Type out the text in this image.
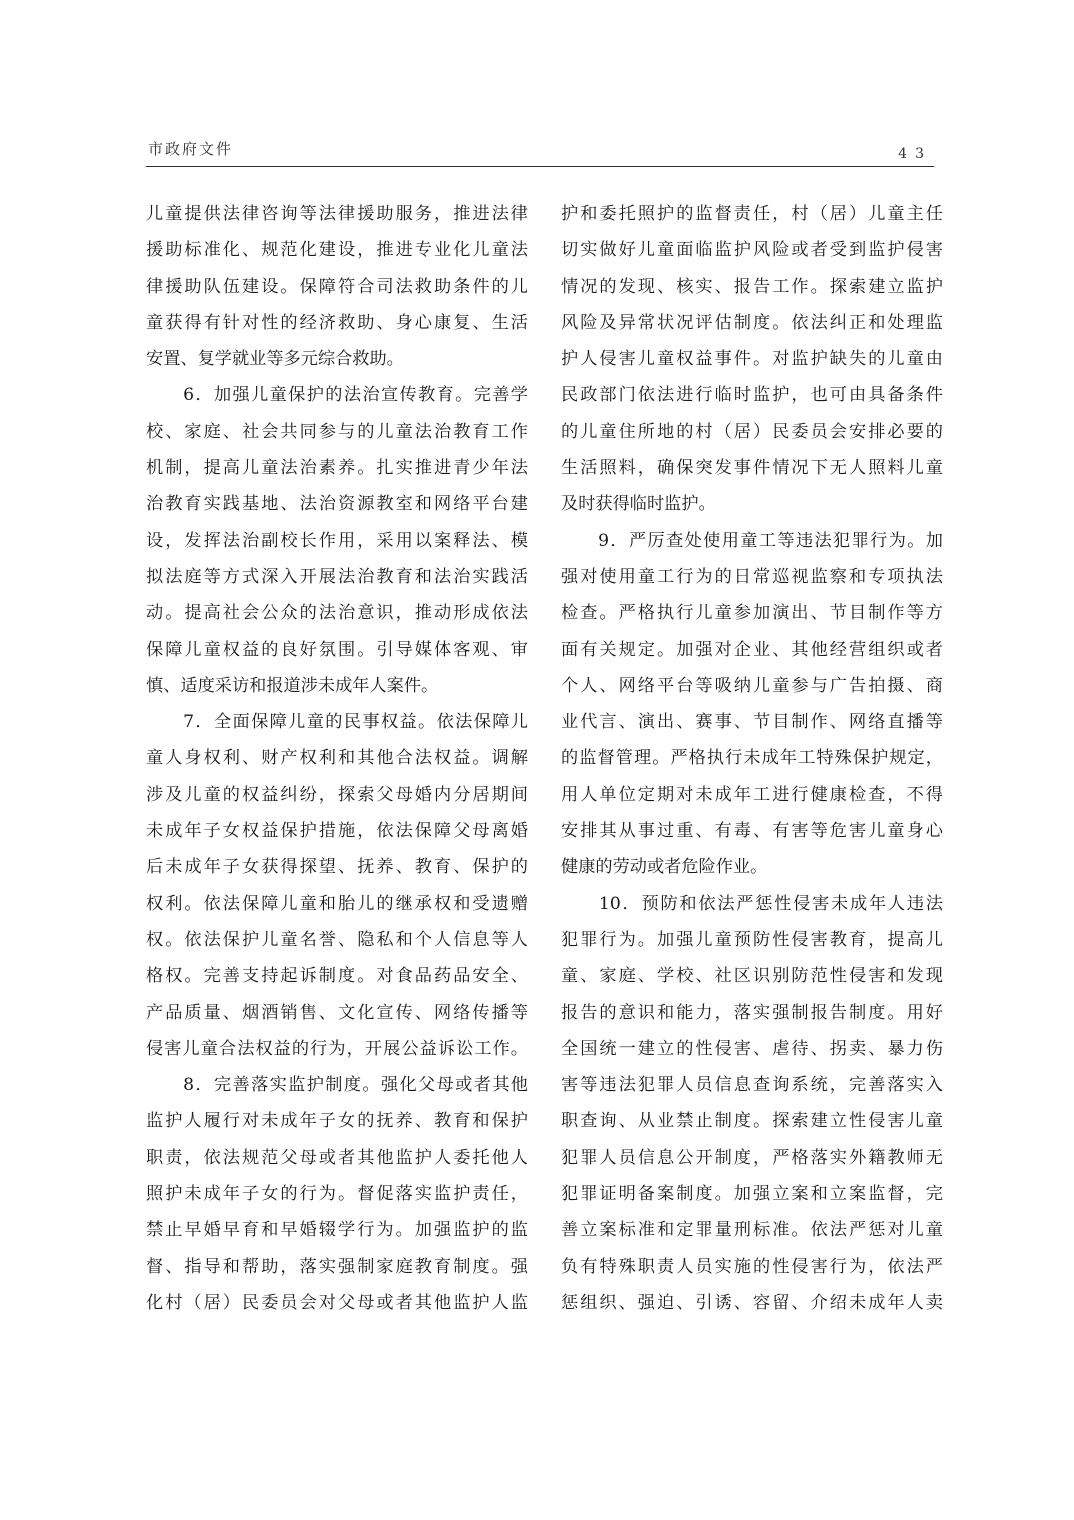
市政府文件	43
儿童提供法律咨询等法律援助服务，推进法律
援助标准化、规范化建设，推进专业化儿童法
律援助队伍建设。保障符合司法救助条件的儿
童获得有针对性的经济救助、身心康复、生活
安置、复学就业等多元综合救助。
　　6．加强儿童保护的法治宣传教育。完善学
校、家庭、社会共同参与的儿童法治教育工作
机制，提高儿童法治素养。扎实推进青少年法
治教育实践基地、法治资源教室和网络平台建
设，发挥法治副校长作用，采用以案释法、模
拟法庭等方式深入开展法治教育和法治实践活
动。提高社会公众的法治意识，推动形成依法
保障儿童权益的良好氛围。引导媒体客观、审
慎、适度采访和报道涉未成年人案件。
　　7．全面保障儿童的民事权益。依法保障儿
童人身权利、财产权利和其他合法权益。调解
涉及儿童的权益纠纷，探索父母婚内分居期间
未成年子女权益保护措施，依法保障父母离婚
后未成年子女获得探望、抚养、教育、保护的
权利。依法保障儿童和胎儿的继承权和受遗赠
权。依法保护儿童名誉、隐私和个人信息等人
格权。完善支持起诉制度。对食品药品安全、
产品质量、烟酒销售、文化宣传、网络传播等
侵害儿童合法权益的行为，开展公益诉讼工作。
　　8．完善落实监护制度。强化父母或者其他
监护人履行对未成年子女的抚养、教育和保护
职责，依法规范父母或者其他监护人委托他人
照护未成年子女的行为。督促落实监护责任，
禁止早婚早育和早婚辍学行为。加强监护的监
督、指导和帮助，落实强制家庭教育制度。强
化村（居）民委员会对父母或者其他监护人监
护和委托照护的监督责任，村（居）儿童主任
切实做好儿童面临监护风险或者受到监护侵害
情况的发现、核实、报告工作。探索建立监护
风险及异常状况评估制度。依法纠正和处理监
护人侵害儿童权益事件。对监护缺失的儿童由
民政部门依法进行临时监护，也可由具备条件
的儿童住所地的村（居）民委员会安排必要的
生活照料，确保突发事件情况下无人照料儿童
及时获得临时监护。
　　9．严厉查处使用童工等违法犯罪行为。加
强对使用童工行为的日常巡视监察和专项执法
检查。严格执行儿童参加演出、节目制作等方
面有关规定。加强对企业、其他经营组织或者
个人、网络平台等吸纳儿童参与广告拍摄、商
业代言、演出、赛事、节目制作、网络直播等
的监督管理。严格执行未成年工特殊保护规定，
用人单位定期对未成年工进行健康检查，不得
安排其从事过重、有毒、有害等危害儿童身心
健康的劳动或者危险作业。
　　10．预防和依法严惩性侵害未成年人违法
犯罪行为。加强儿童预防性侵害教育，提高儿
童、家庭、学校、社区识别防范性侵害和发现
报告的意识和能力，落实强制报告制度。用好
全国统一建立的性侵害、虐待、拐卖、暴力伤
害等违法犯罪人员信息查询系统，完善落实入
职查询、从业禁止制度。探索建立性侵害儿童
犯罪人员信息公开制度，严格落实外籍教师无
犯罪证明备案制度。加强立案和立案监督，完
善立案标准和定罪量刑标准。依法严惩对儿童
负有特殊职责人员实施的性侵害行为，依法严
惩组织、强迫、引诱、容留、介绍未成年人卖
